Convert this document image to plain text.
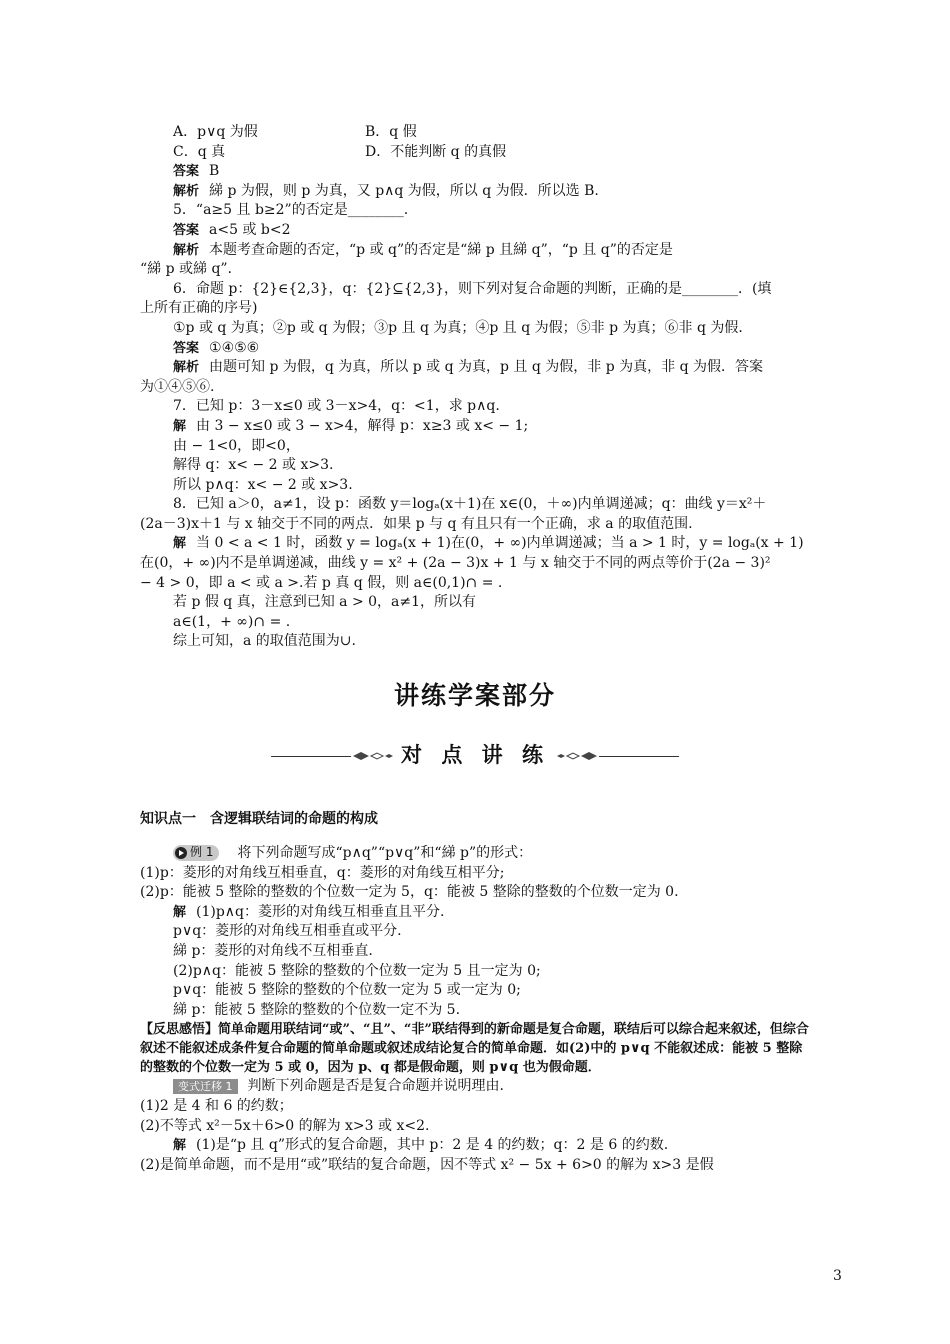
A．p∨q 为假	B．q 假
C．q 真	D．不能判断 q 的真假
答案 B
解析 綈 p 为假，则 p 为真，又 p∧q 为假，所以 q 为假．所以选 B.
5．“a≥5 且 b≥2”的否定是________.
答案 a<5 或 b<2
解析 本题考查命题的否定，“p 或 q”的否定是“綈 p 且綈 q”，“p 且 q”的否定是
“綈 p 或綈 q”．
6．命题 p：{2}∈{2,3}，q：{2}⊆{2,3}，则下列对复合命题的判断，正确的是________．(填
上所有正确的序号)
①p 或 q 为真；②p 或 q 为假；③p 且 q 为真；④p 且 q 为假；⑤非 p 为真；⑥非 q 为假．
答案 ①④⑤⑥
解析 由题可知 p 为假，q 为真，所以 p 或 q 为真，p 且 q 为假，非 p 为真，非 q 为假．答案
为①④⑤⑥.
7．已知 p：3－x≤0 或 3－x>4，q：<1，求 p∧q.
解 由 3 − x≤0 或 3 − x>4，解得 p：x≥3 或 x< − 1;
由 − 1<0，即<0，
解得 q：x< − 2 或 x>3.
所以 p∧q：x< − 2 或 x>3.
8．已知 a＞0，a≠1，设 p：函数 y＝logₐ(x＋1)在 x∈(0，＋∞)内单调递减；q：曲线 y＝x²＋
(2a－3)x＋1 与 x 轴交于不同的两点．如果 p 与 q 有且只有一个正确，求 a 的取值范围.
解 当 0 < a < 1 时，函数 y = logₐ(x + 1)在(0，+ ∞)内单调递减；当 a > 1 时，y = logₐ(x + 1)
在(0，+ ∞)内不是单调递减，曲线 y = x² + (2a − 3)x + 1 与 x 轴交于不同的两点等价于(2a − 3)²
− 4 > 0，即 a < 或 a >.若 p 真 q 假，则 a∈(0,1)∩ = .
若 p 假 q 真，注意到已知 a > 0，a≠1，所以有
a∈(1，+ ∞)∩ = .
综上可知，a 的取值范围为∪.
讲练学案部分
对 点 讲 练
知识点一　含逻辑联结词的命题的构成
例 1 将下列命题写成“p∧q”“p∨q”和“綈 p”的形式：
(1)p：菱形的对角线互相垂直，q：菱形的对角线互相平分;
(2)p：能被 5 整除的整数的个位数一定为 5，q：能被 5 整除的整数的个位数一定为 0.
解 (1)p∧q：菱形的对角线互相垂直且平分.
p∨q：菱形的对角线互相垂直或平分.
綈 p：菱形的对角线不互相垂直.
(2)p∧q：能被 5 整除的整数的个位数一定为 5 且一定为 0;
p∨q：能被 5 整除的整数的个位数一定为 5 或一定为 0;
綈 p：能被 5 整除的整数的个位数一定不为 5.
【反思感悟】简单命题用联结词“或”、“且”、“非”联结得到的新命题是复合命题，联结后可以综合起来叙述，但综合叙述不能叙述成条件复合命题的简单命题或叙述成结论复合的简单命题．如(2)中的 p∨q 不能叙述成：能被 5 整除的整数的个位数一定为 5 或 0，因为 p、q 都是假命题，则 p∨q 也为假命题．
变式迁移 1 判断下列命题是否是复合命题并说明理由.
(1)2 是 4 和 6 的约数；
(2)不等式 x²－5x＋6>0 的解为 x>3 或 x<2.
解 (1)是“p 且 q”形式的复合命题，其中 p：2 是 4 的约数；q：2 是 6 的约数.
(2)是简单命题，而不是用“或”联结的复合命题，因不等式 x² − 5x + 6>0 的解为 x>3 是假
3
